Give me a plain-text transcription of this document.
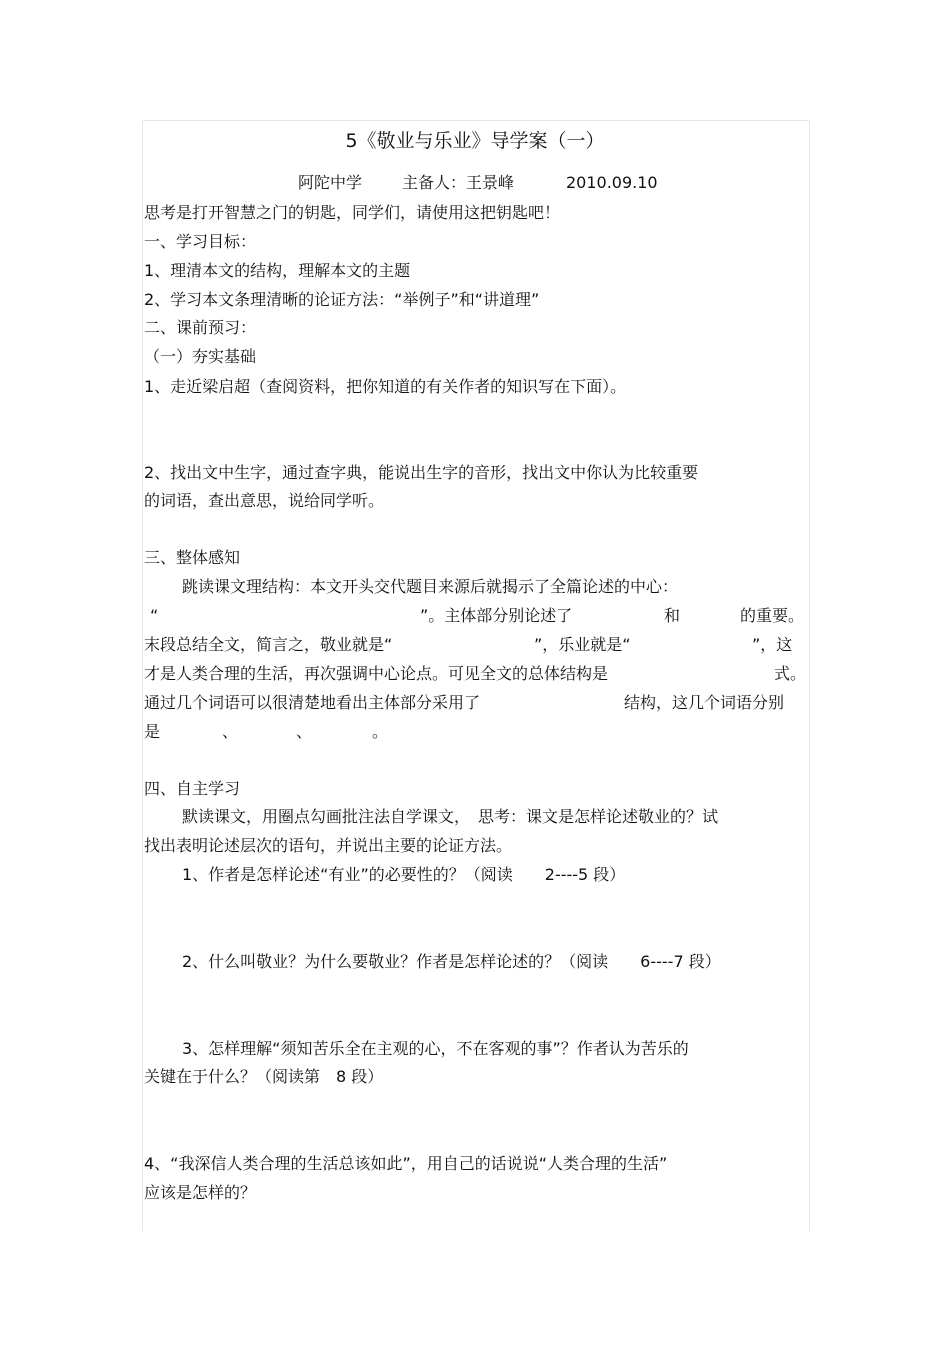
5《敬业与乐业》导学案（一）
阿陀中学 主备人：王景峰	2010.09.10
思考是打开智慧之门的钥匙，同学们，请使用这把钥匙吧！
一、学习目标：
1、理清本文的结构，理解本文的主题
2、学习本文条理清晰的论证方法：“举例子”和“讲道理”
二、课前预习：
（一）夯实基础
1、走近梁启超（查阅资料，把你知道的有关作者的知识写在下面）。
2、找出文中生字，通过查字典，能说出生字的音形，找出文中你认为比较重要
的词语，查出意思，说给同学听。
三、整体感知
跳读课文理结构：本文开头交代题目来源后就揭示了全篇论述的中心：
“	”。主体部分别论述了	和	的重要。
末段总结全文，简言之，敬业就是“	”，乐业就是“	”，这
才是人类合理的生活，再次强调中心论点。可见全文的总体结构是	式。
通过几个词语可以很清楚地看出主体部分采用了	结构，这几个词语分别
是	、	、	。
四、自主学习
默读课文，用圈点勾画批注法自学课文，　思考：课文是怎样论述敬业的？试
找出表明论述层次的语句，并说出主要的论证方法。
1、作者是怎样论述“有业”的必要性的？（阅读　　2----5 段）
2、什么叫敬业？为什么要敬业？作者是怎样论述的？（阅读　　6----7 段）
3、怎样理解“须知苦乐全在主观的心，不在客观的事”？作者认为苦乐的
关键在于什么？（阅读第　8 段）
4、“我深信人类合理的生活总该如此”，用自己的话说说“人类合理的生活”
应该是怎样的？
